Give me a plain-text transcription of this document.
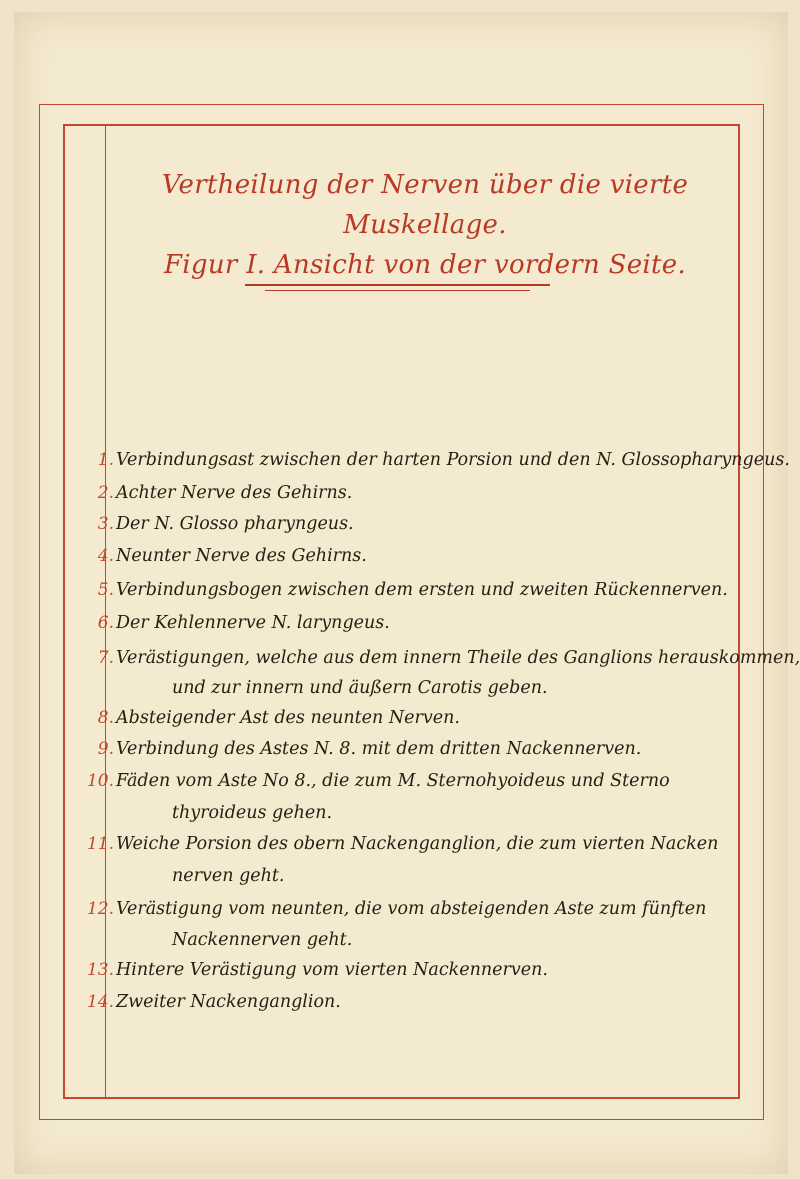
Vertheilung der Nerven über die vierte Muskellage.
Figur I. Ansicht von der vordern Seite.
1. Verbindungsast zwischen der harten Porsion und den N. Glossopharyngeus.
2. Achter Nerve des Gehirns.
3. Der N. Glosso pharyngeus.
4. Neunter Nerve des Gehirns.
5. Verbindungsbogen zwischen dem ersten und zweiten Rückennerven.
6. Der Kehlennerve N. laryngeus.
7. Verästigungen, welche aus dem innern Theile des Ganglions herauskommen,
und zur innern und äußern Carotis geben.
8. Absteigender Ast des neunten Nerven.
9. Verbindung des Astes N. 8. mit dem dritten Nackennerven.
10. Fäden vom Aste No 8., die zum M. Sternohyoideus und Sterno
thyroideus gehen.
11. Weiche Porsion des obern Nackenganglion, die zum vierten Nacken
nerven geht.
12. Verästigung vom neunten, die vom absteigenden Aste zum fünften
Nackennerven geht.
13. Hintere Verästigung vom vierten Nackennerven.
14. Zweiter Nackenganglion.
